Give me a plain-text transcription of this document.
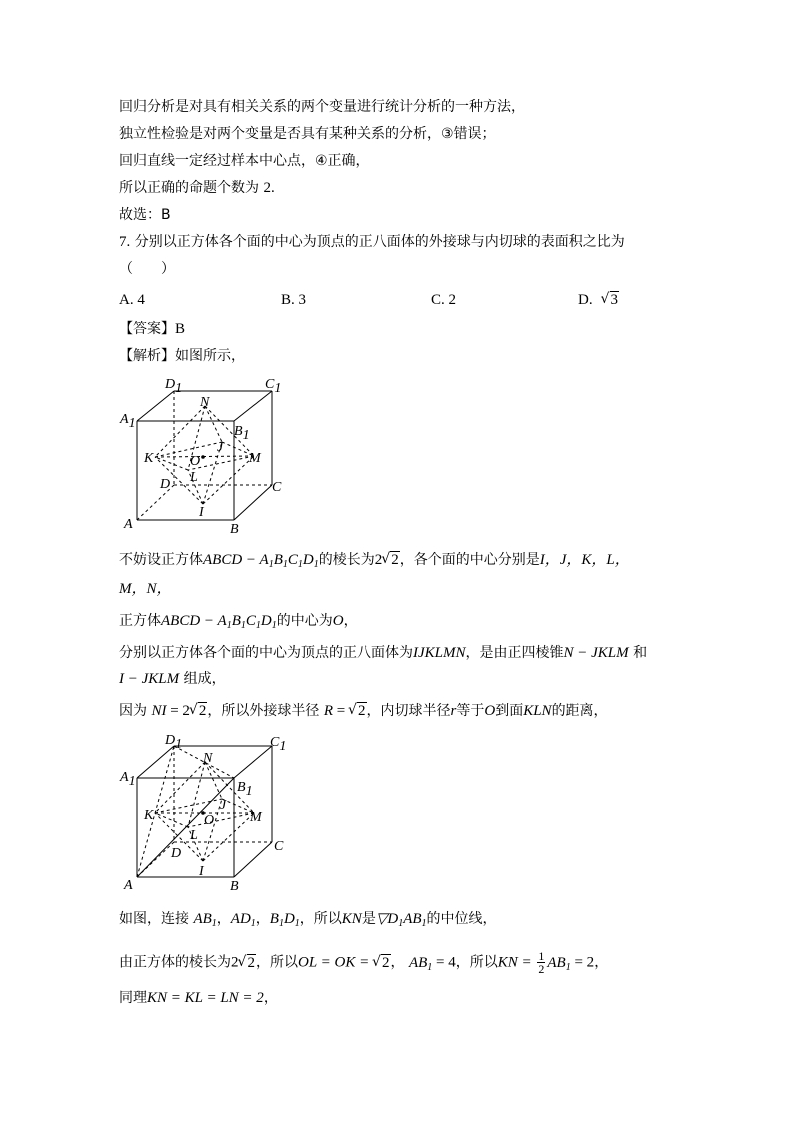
回归分析是对具有相关关系的两个变量进行统计分析的一种方法，
独立性检验是对两个变量是否具有某种关系的分析，③错误；
回归直线一定经过样本中心点，④正确，
所以正确的命题个数为 2.
故选：B
7. 分别以正方体各个面的中心为顶点的正八面体的外接球与内切球的表面积之比为
（　　）
A. 4	B. 3	C. 2	D. √ 3
【答案】B
【解析】如图所示，
D1	C1
A1
B1
N
J
K	O	M
L
D	C
I
A	B
不妨设正方体ABCD − $A_1B_1C_1D_1$的棱长为2 √ 2，各个面的中心分别是I，J，K，L，
M，N，
正方体ABCD − $A_1B_1C_1D_1$的中心为O，
分别以正方体各个面的中心为顶点的正八面体为IJKLMN，是由正四棱锥N − JKLM 和
I − JKLM 组成，
因为 NI = 2 √ 2，所以外接球半径 R = √ 2，内切球半径r等于O到面KLN的距离，
D1	C1
A1	B1
N
J
K	O	M
L
D	C
I
A	B
如图，连接 $AB_1$，$AD_1$，$B_1D_1$，所以KN是$▽D_1AB_1$的中位线，
由正方体的棱长为2 √ 2，所以OL = OK = √ 2， $AB_1 = 4$，所以KN = $\frac{1}{2} AB_1 = 2$，
同理KN = KL = LN = 2，
